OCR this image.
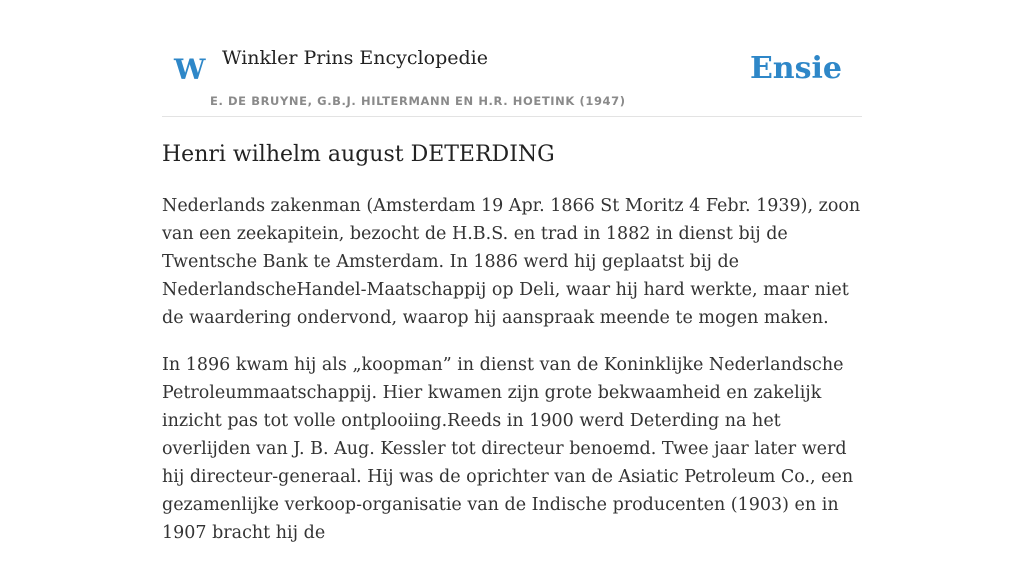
W Winkler Prins Encyclopedie
E. DE BRUYNE, G.B.J. HILTERMANN EN H.R. HOETINK (1947)
Ensie
Henri wilhelm august DETERDING

Nederlands zakenman (Amsterdam 19 Apr. 1866 St Moritz 4 Febr. 1939), zoon van een zeekapitein, bezocht de H.B.S. en trad in 1882 in dienst bij de Twentsche Bank te Amsterdam. In 1886 werd hij geplaatst bij de NederlandscheHandel-Maatschappij op Deli, waar hij hard werkte, maar niet de waardering ondervond, waarop hij aanspraak meende te mogen maken.

In 1896 kwam hij als „koopman” in dienst van de Koninklijke Nederlandsche Petroleummaatschappij. Hier kwamen zijn grote bekwaamheid en zakelijk inzicht pas tot volle ontplooiing.Reeds in 1900 werd Deterding na het overlijden van J. B. Aug. Kessler tot directeur benoemd. Twee jaar later werd hij directeur-generaal. Hij was de oprichter van de Asiatic Petroleum Co., een gezamenlijke verkoop-organisatie van de Indische producenten (1903) en in 1907 bracht hij de
